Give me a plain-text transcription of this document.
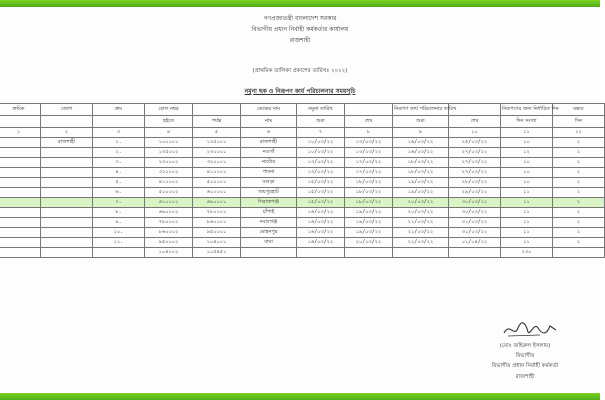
গণপ্রজাতন্ত্রী বাংলাদেশ সরকার
বিভাগীয় প্রধান নির্বাহী কর্মকর্তার কার্যালয়
রাজশাহী
(প্রাথমিক তালিকা প্রকাশের তারিখঃ ২০২২)
নমুনা ছক ও নিরূপণ কার্য পরিচালনার সময়সূচি
ক্রমিক	জেলা	ক্রম	রোল নম্বর		কেন্দ্রের নাম	নমুনা তারিখ		নিরূপণ কার্য পরিচালনার তারিখ		নিরূপণের জন্য নির্ধারিত দিন	মন্তব্য
			হইতে	পর্যন্ত	নাম	শুরু	শেষ	শুরু	শেষ	দিন সংখ্যা	দিন
১	২	৩	৪	৫	৬	৭	৮	৯	১০	১১	১২
	রাজশাহী	১.	১০০০০১	১৩৫০০১	রাজশাহী	১০/০৩/২২	১৩/০৩/২২	১৬/০৩/২২	২৫/০৩/২২	১০	২
		২.	১৩৫০০২	২৩০০০১	নওগাঁ	১০/০৩/২২	১৩/০৩/২২	১৬/০৩/২২	২৭/০৩/২২	১২	২
		৩.	২৩০০০২	৩২০০০১	নাটোর	১৩/০৩/২২	১৭/০৩/২২	১৮/০৩/২২	২৭/০৩/২২	১০	২
		৪.	৩২০০০২	৪১০০০১	পাবনা	১৩/০৩/২২	১৭/০৩/২২	১৮/০৩/২২	২৭/০৩/২২	১০	২
		৫.	৪১০০০২	৫০০০০১	বগুড়া	১৫/০৩/২২	১৮/০৩/২২	১৯/০৩/২২	২৮/০৩/২২	১০	২
		৬.	৫০০০০২	৬১০০০১	জয়পুরহাট	১৫/০৩/২২	১৮/০৩/২২	১৯/০৩/২২	২৯/০৩/২২	১১	২
		৭.	৬১০০০২	৬৯০০০১	সিরাজগঞ্জ	১৫/০৩/২২	১৮/০৩/২২	২০/০৩/২২	৩০/০৩/২২	১১	২
		৮.	৬৯০০০২	৭৮০০০১	চাঁপাই	১৬/০৩/২২	১৯/০৩/২২	২০/০৩/২২	৩০/০৩/২২	১১	২
		৯.	৭৮০০০২	৮৬০০০১	নবাবগঞ্জ	১৬/০৩/২২	১৯/০৩/২২	২১/০৩/২২	৩১/০৩/২২	১১	২
		১০.	৮৬০০০২	৯৫০০০১	মোহনপুর	১৬/০৩/২২	১৯/০৩/২২	২১/০৩/২২	৩১/০৩/২২	১১	২
		১১.	৯৫০০০২	১০৪০০১	বাঘা	১৬/০৩/২২	২০/০৩/২২	২২/০৩/২২	০১/০৪/২২	১১	২
			১০৪০০২	১০৫৪৫১						২৩০	
(মোঃ জহিরুল ইসলাম)
বিভাগীয়
বিভাগীয় প্রধান নির্বাহী কর্মকর্তা
রাজশাহী
